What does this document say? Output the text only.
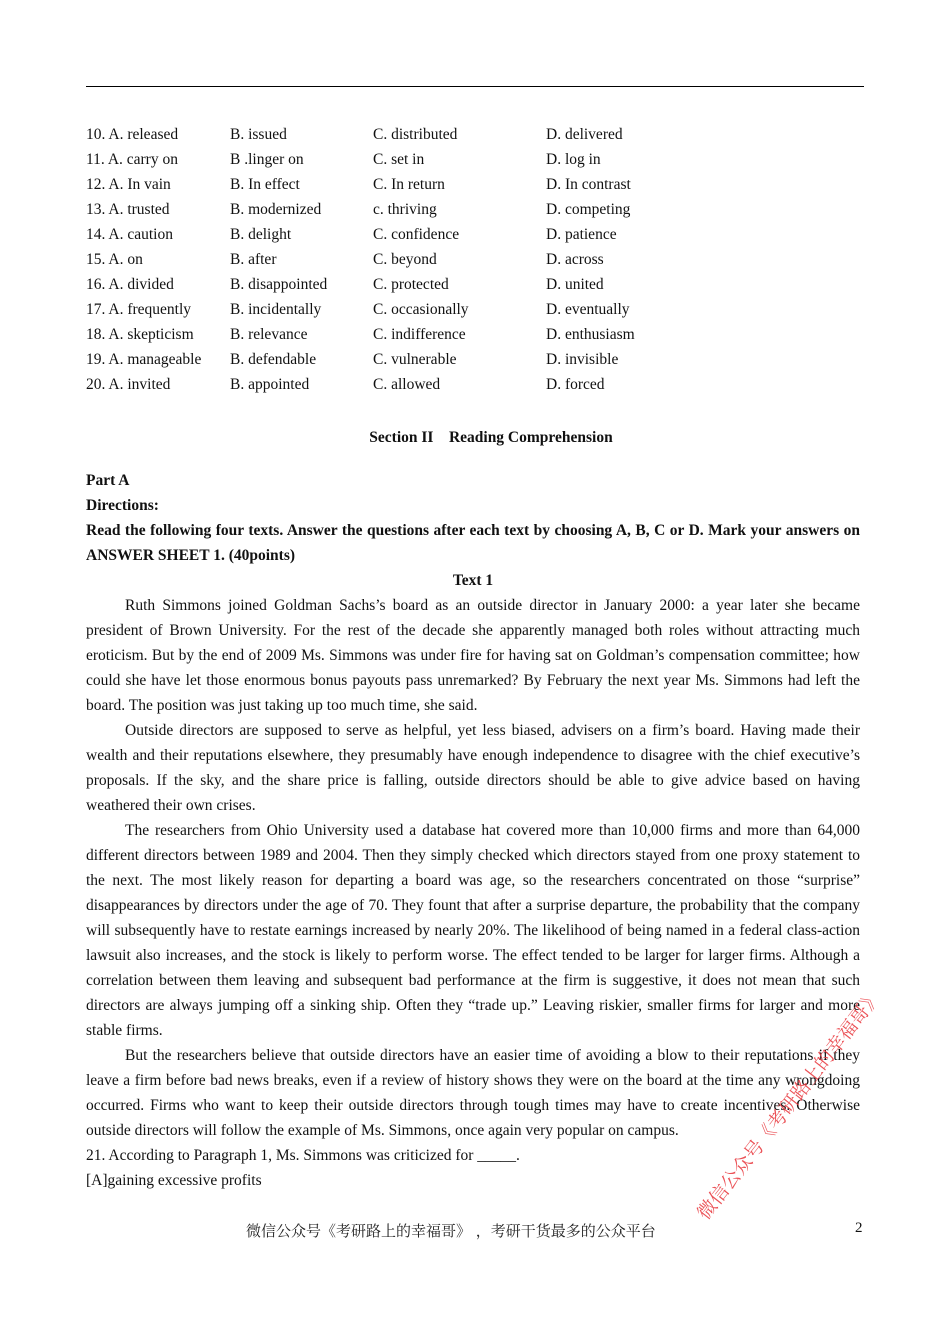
10. A. released	B. issued	C. distributed	D. delivered
11. A. carry on	B .linger on	C. set in	D. log in
12. A. In vain	B. In effect	C. In return	D. In contrast
13. A. trusted	B. modernized	c. thriving	D. competing
14. A. caution	B. delight	C. confidence	D. patience
15. A. on	B. after	C. beyond	D. across
16. A. divided	B. disappointed	C. protected	D. united
17. A. frequently	B. incidentally	C. occasionally	D. eventually
18. A. skepticism B. relevance	C. indifference	D. enthusiasm
19. A. manageable B. defendable	C. vulnerable	D. invisible
20. A. invited	B. appointed	C. allowed	D. forced
Section II    Reading Comprehension
Part A
Directions:
Read the following four texts. Answer the questions after each text by choosing A, B, C or D. Mark your answers on ANSWER SHEET 1. (40points)
Text 1

Ruth Simmons joined Goldman Sachs’s board as an outside director in January 2000: a year later she became president of Brown University. For the rest of the decade she apparently managed both roles without attracting much eroticism. But by the end of 2009 Ms. Simmons was under fire for having sat on Goldman’s compensation committee; how could she have let those enormous bonus payouts pass unremarked? By February the next year Ms. Simmons had left the board. The position was just taking up too much time, she said.

Outside directors are supposed to serve as helpful, yet less biased, advisers on a firm’s board. Having made their wealth and their reputations elsewhere, they presumably have enough independence to disagree with the chief executive’s proposals. If the sky, and the share price is falling, outside directors should be able to give advice based on having weathered their own crises.

The researchers from Ohio University used a database hat covered more than 10,000 firms and more than 64,000 different directors between 1989 and 2004. Then they simply checked which directors stayed from one proxy statement to the next. The most likely reason for departing a board was age, so the researchers concentrated on those “surprise” disappearances by directors under the age of 70. They fount that after a surprise departure, the probability that the company will subsequently have to restate earnings increased by nearly 20%. The likelihood of being named in a federal class-action lawsuit also increases, and the stock is likely to perform worse. The effect tended to be larger for larger firms. Although a correlation between them leaving and subsequent bad performance at the firm is suggestive, it does not mean that such directors are always jumping off a sinking ship. Often they “trade up.” Leaving riskier, smaller firms for larger and more stable firms.

But the researchers believe that outside directors have an easier time of avoiding a blow to their reputations if they leave a firm before bad news breaks, even if a review of history shows they were on the board at the time any wrongdoing occurred. Firms who want to keep their outside directors through tough times may have to create incentives. Otherwise outside directors will follow the example of Ms. Simmons, once again very popular on campus.

21. According to Paragraph 1, Ms. Simmons was criticized for _____.

[A]gaining excessive profits

微信公众号《考研路上的幸福哥》 ，考研干货最多的公众平台	2
微信公众号《考研路上的幸福哥》
